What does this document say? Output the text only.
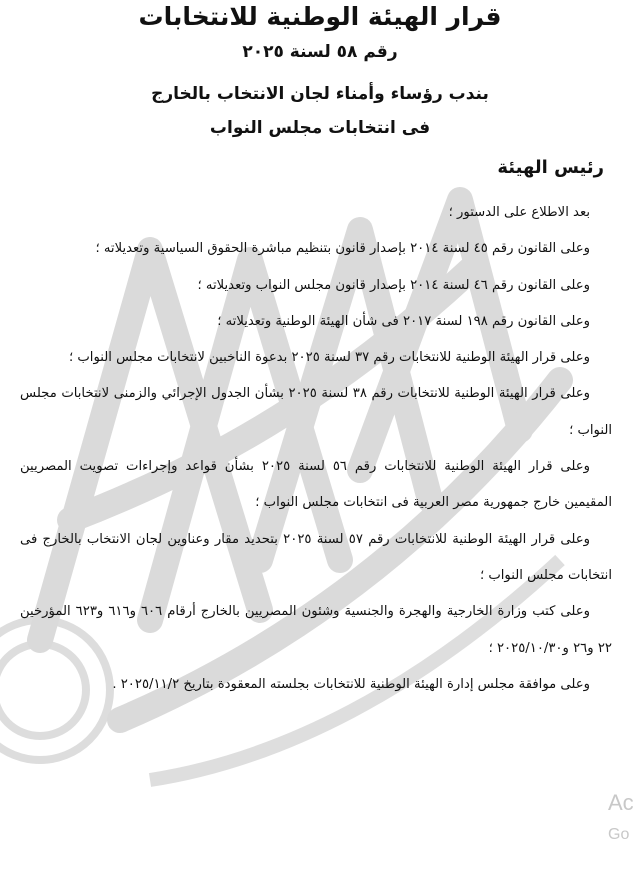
قرار الهيئة الوطنية للانتخابات
رقم ٥٨ لسنة ٢٠٢٥
بندب رؤساء وأمناء لجان الانتخاب بالخارج
فى انتخابات مجلس النواب
رئيس الهيئة
بعد الاطلاع على الدستور ؛
وعلى القانون رقم ٤٥ لسنة ٢٠١٤ بإصدار قانون بتنظيم مباشرة الحقوق السياسية وتعديلاته ؛
وعلى القانون رقم ٤٦ لسنة ٢٠١٤ بإصدار قانون مجلس النواب وتعديلاته ؛
وعلى القانون رقم ١٩٨ لسنة ٢٠١٧ فى شأن الهيئة الوطنية وتعديلاته ؛
وعلى قرار الهيئة الوطنية للانتخابات رقم ٣٧ لسنة ٢٠٢٥ بدعوة الناخبين لانتخابات مجلس النواب ؛
وعلى قرار الهيئة الوطنية للانتخابات رقم ٣٨ لسنة ٢٠٢٥ بشأن الجدول الإجرائي والزمنى لانتخابات مجلس النواب ؛
وعلى قرار الهيئة الوطنية للانتخابات رقم ٥٦ لسنة ٢٠٢٥ بشأن قواعد وإجراءات تصويت المصريين المقيمين خارج جمهورية مصر العربية فى انتخابات مجلس النواب ؛
وعلى قرار الهيئة الوطنية للانتخابات رقم ٥٧ لسنة ٢٠٢٥ بتحديد مقار وعناوين لجان الانتخاب بالخارج فى انتخابات مجلس النواب ؛
وعلى كتب وزارة الخارجية والهجرة والجنسية وشئون المصريين بالخارج أرقام ٦٠٦ و٦١٦ و٦٢٣ المؤرخين ٢٢ و٢٦ و٢٠٢٥/١٠/٣٠ ؛
وعلى موافقة مجلس إدارة الهيئة الوطنية للانتخابات بجلسته المعقودة بتاريخ ٢٠٢٥/١١/٢ .
Ac
Go
